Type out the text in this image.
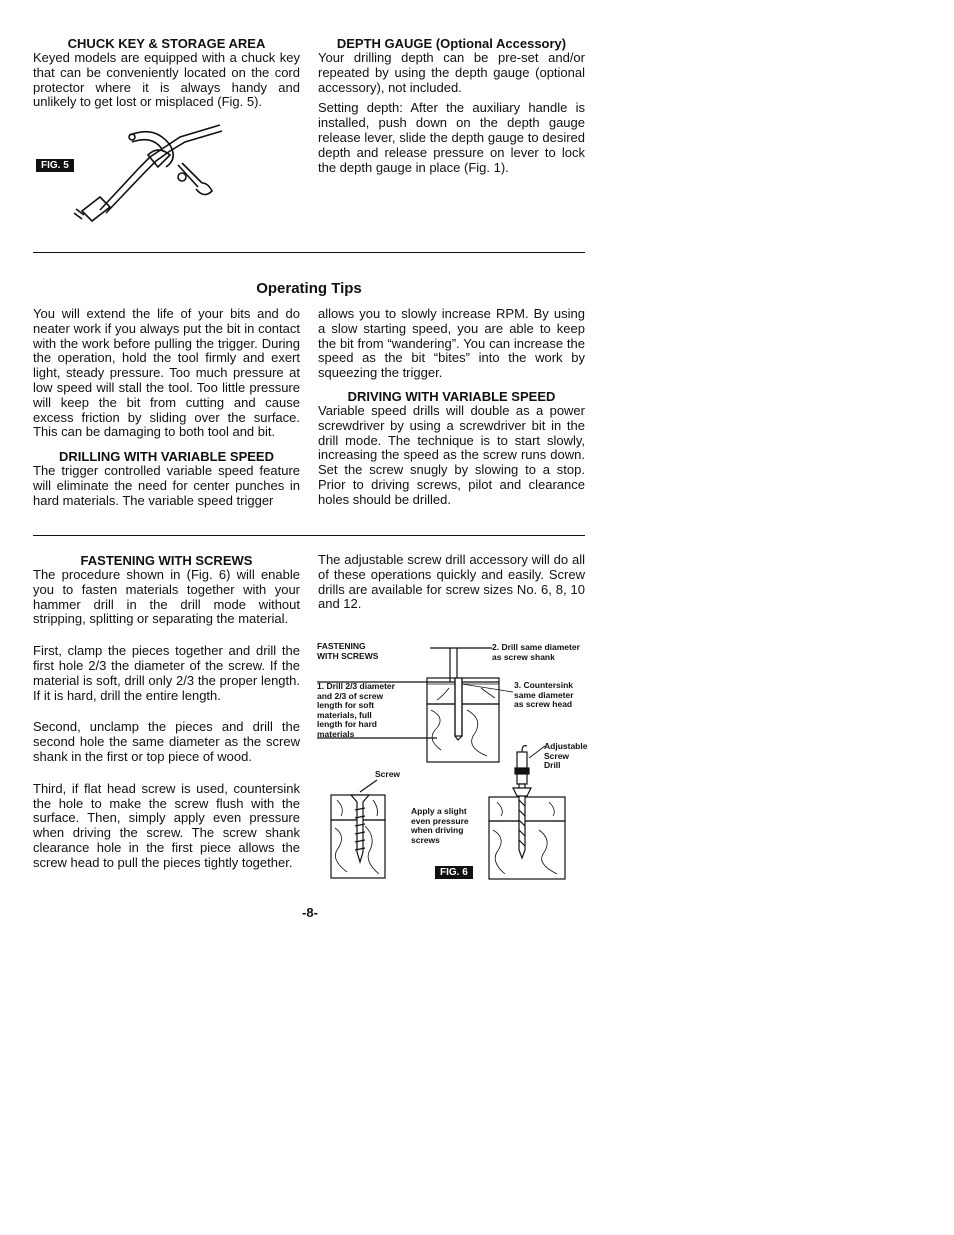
CHUCK KEY & STORAGE AREA

Keyed models are equipped with a chuck key that can be conveniently located on the cord protector where it is always handy and unlikely to get lost or misplaced (Fig. 5).

FIG. 5

DEPTH GAUGE (Optional Accessory)

Your drilling depth can be pre-set and/or repeated by using the depth gauge (optional accessory), not included.

Setting depth: After the auxiliary handle is installed, push down on the depth gauge release lever, slide the depth gauge to desired depth and release pressure on lever to lock the depth gauge in place (Fig. 1).

Operating Tips

You will extend the life of your bits and do neater work if you always put the bit in contact with the work before pulling the trigger. During the operation, hold the tool firmly and exert light, steady pressure. Too much pressure at low speed will stall the tool. Too little pressure will keep the bit from cutting and cause excess friction by sliding over the surface. This can be damaging to both tool and bit.

DRILLING WITH VARIABLE SPEED

The trigger controlled variable speed feature will eliminate the need for center punches in hard materials. The variable speed trigger

allows you to slowly increase RPM. By using a slow starting speed, you are able to keep the bit from “wandering”. You can increase the speed as the bit “bites” into the work by squeezing the trigger.

DRIVING WITH VARIABLE SPEED

Variable speed drills will double as a power screwdriver by using a screwdriver bit in the drill mode. The technique is to start slowly, increasing the speed as the screw runs down. Set the screw snugly by slowing to a stop. Prior to driving screws, pilot and clearance holes should be drilled.

FASTENING WITH SCREWS

The procedure shown in (Fig. 6) will enable you to fasten materials together with your hammer drill in the drill mode without stripping, splitting or separating the material.

First, clamp the pieces together and drill the first hole 2/3 the diameter of the screw. If the material is soft, drill only 2/3 the proper length. If it is hard, drill the entire length.

Second, unclamp the pieces and drill the second hole the same diameter as the screw shank in the first or top piece of wood.

Third, if flat head screw is used, countersink the hole to make the screw flush with the surface. Then, simply apply even pressure when driving the screw. The screw shank clearance hole in the first piece allows the screw head to pull the pieces tightly together.

The adjustable screw drill accessory will do all of these operations quickly and easily. Screw drills are available for screw sizes No. 6, 8, 10 and 12.

FASTENING WITH SCREWS
1. Drill 2/3 diameter and 2/3 of screw length for soft materials, full length for hard materials
2. Drill same diameter as screw shank
3. Countersink same diameter as screw head
Adjustable Screw Drill
Screw
Apply a slight even pressure when driving screws
FIG. 6
-8-
